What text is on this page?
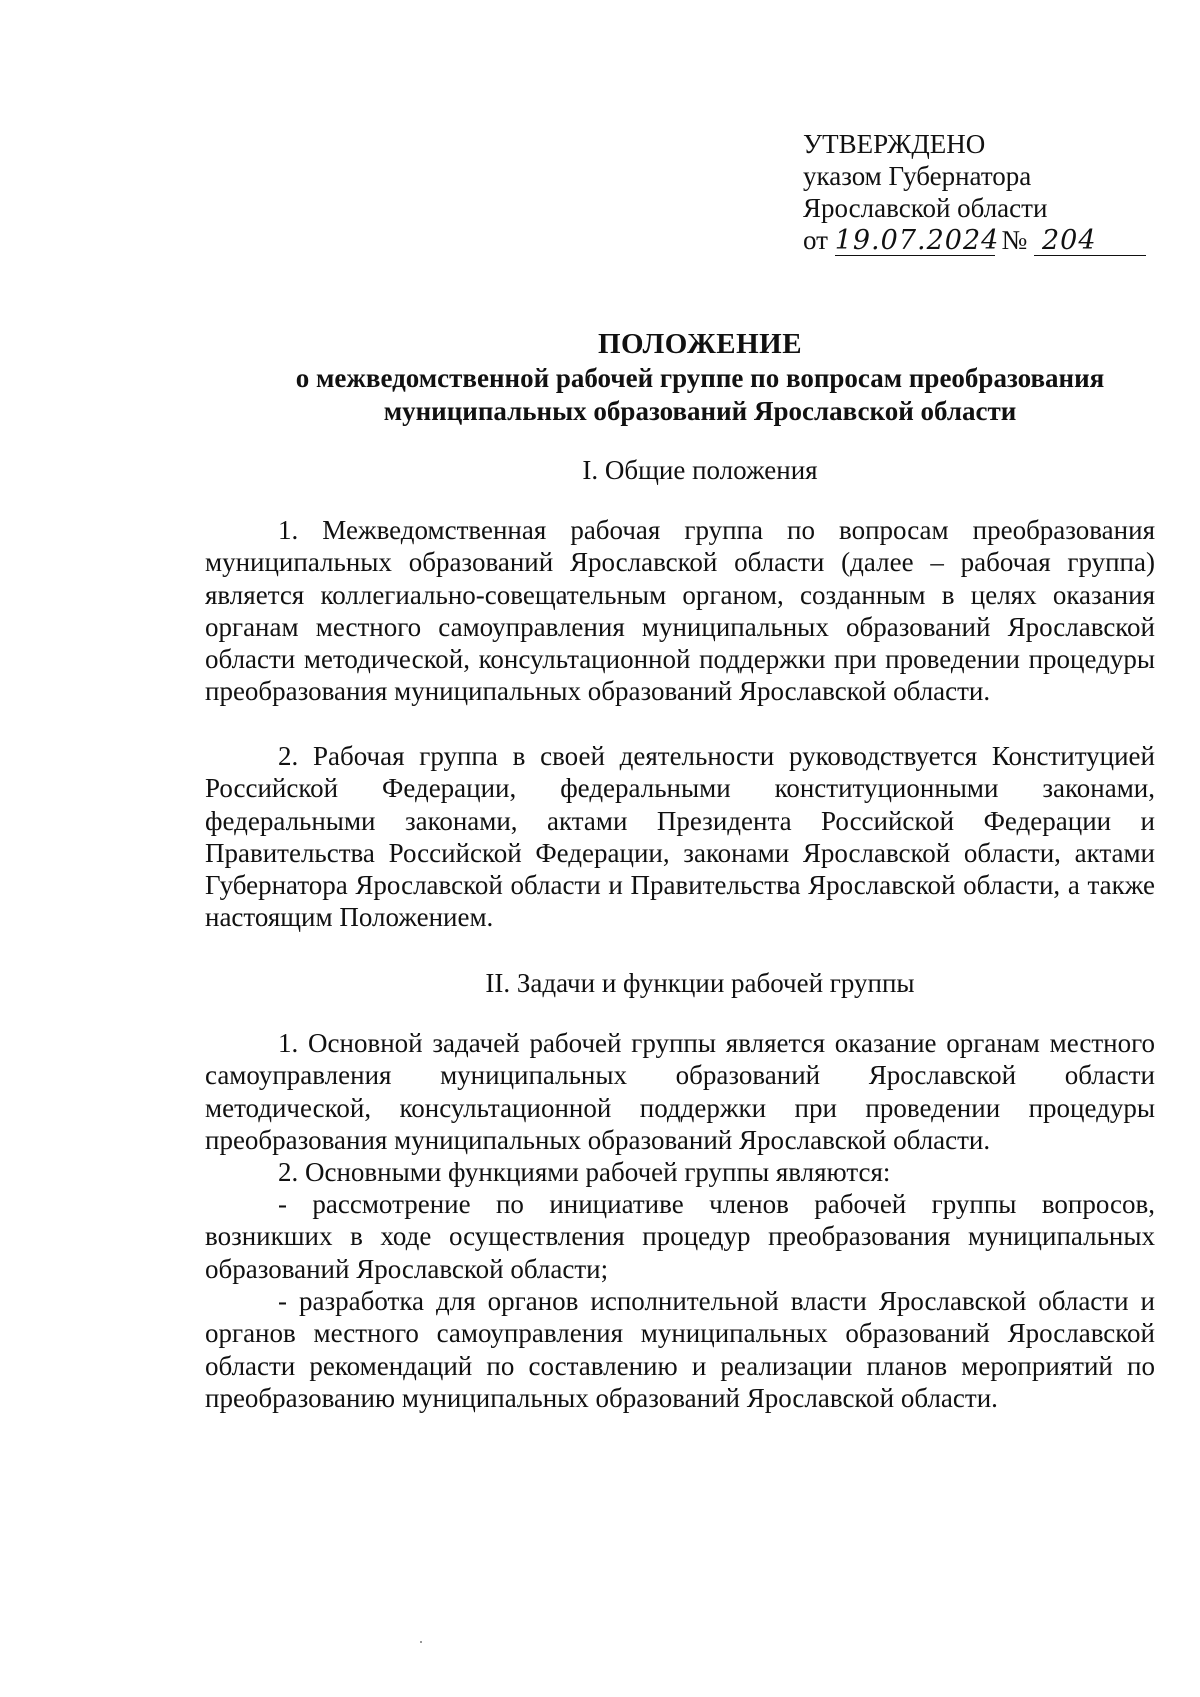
УТВЕРЖДЕНО
указом Губернатора
Ярославской области
от 19.07.2024 № 204
ПОЛОЖЕНИЕ
о межведомственной рабочей группе по вопросам преобразования
муниципальных образований Ярославской области
I. Общие положения

1. Межведомственная рабочая группа по вопросам преобразования муниципальных образований Ярославской области (далее – рабочая группа) является коллегиально-совещательным органом, созданным в целях оказания органам местного самоуправления муниципальных образований Ярославской области методической, консультационной поддержки при проведении процедуры преобразования муниципальных образований Ярославской области.

2. Рабочая группа в своей деятельности руководствуется Конституцией Российской Федерации, федеральными конституционными законами, федеральными законами, актами Президента Российской Федерации и Правительства Российской Федерации, законами Ярославской области, актами Губернатора Ярославской области и Правительства Ярославской области, а также настоящим Положением.

II. Задачи и функции рабочей группы

1. Основной задачей рабочей группы является оказание органам местного самоуправления муниципальных образований Ярославской области методической, консультационной поддержки при проведении процедуры преобразования муниципальных образований Ярославской области.

2. Основными функциями рабочей группы являются:

- рассмотрение по инициативе членов рабочей группы вопросов, возникших в ходе осуществления процедур преобразования муниципальных образований Ярославской области;

- разработка для органов исполнительной власти Ярославской области и органов местного самоуправления муниципальных образований Ярославской области рекомендаций по составлению и реализации планов мероприятий по преобразованию муниципальных образований Ярославской области.
